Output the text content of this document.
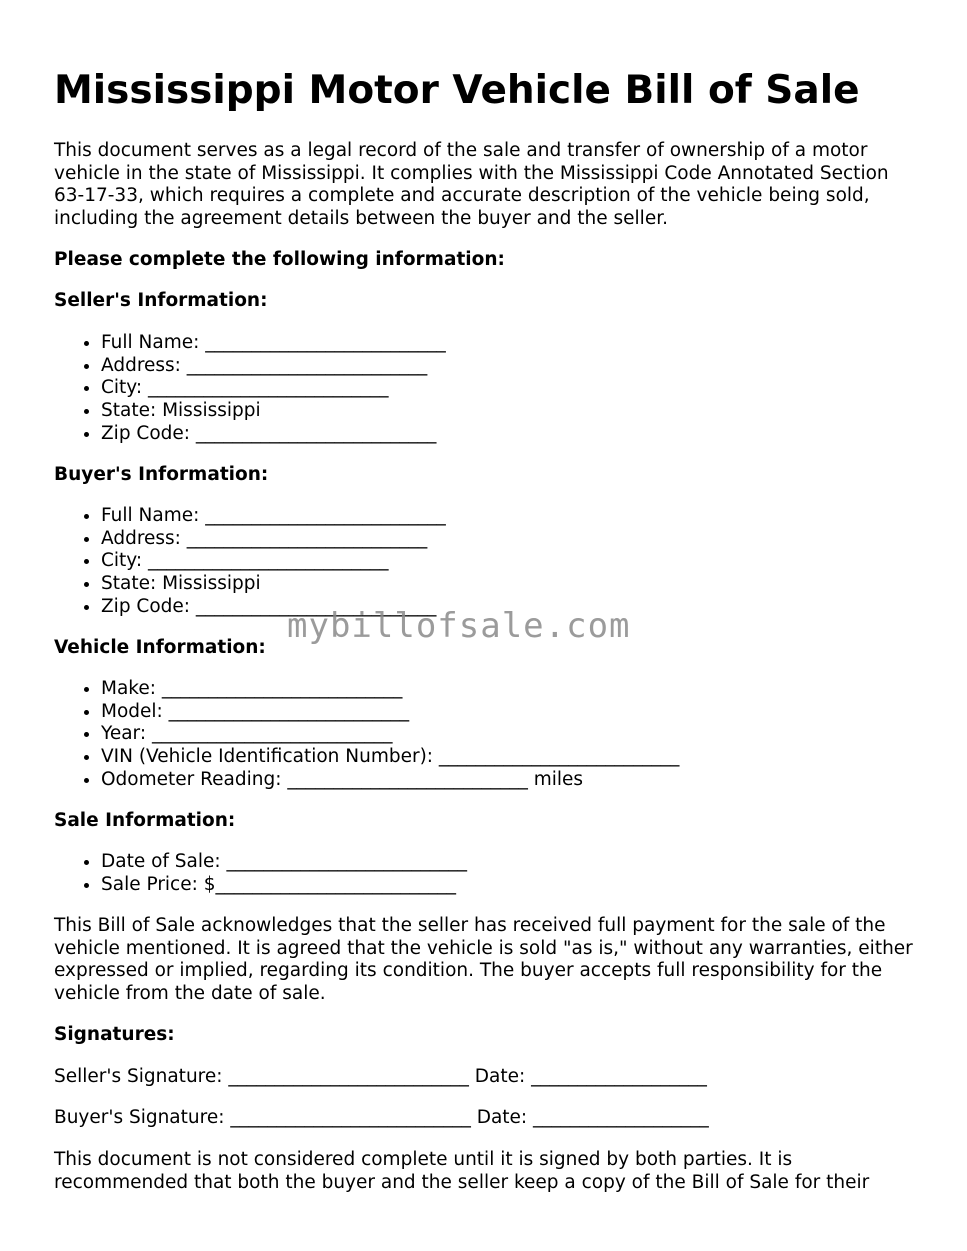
Mississippi Motor Vehicle Bill of Sale

This document serves as a legal record of the sale and transfer of ownership of a motor vehicle in the state of Mississippi. It complies with the Mississippi Code Annotated Section 63-17-33, which requires a complete and accurate description of the vehicle being sold, including the agreement details between the buyer and the seller.

Please complete the following information:

Seller's Information:

• Full Name: __________________________
• Address: __________________________
• City: __________________________
• State: Mississippi
• Zip Code: __________________________

Buyer's Information:

• Full Name: __________________________
• Address: __________________________
• City: __________________________
• State: Mississippi
• Zip Code: __________________________

Vehicle Information:

• Make: __________________________
• Model: __________________________
• Year: __________________________
• VIN (Vehicle Identification Number): __________________________
• Odometer Reading: __________________________ miles

Sale Information:

• Date of Sale: __________________________
• Sale Price: $__________________________

This Bill of Sale acknowledges that the seller has received full payment for the sale of the vehicle mentioned. It is agreed that the vehicle is sold "as is," without any warranties, either expressed or implied, regarding its condition. The buyer accepts full responsibility for the vehicle from the date of sale.

Signatures:

Seller's Signature: __________________________ Date: ___________________

Buyer's Signature: __________________________ Date: ___________________

This document is not considered complete until it is signed by both parties. It is recommended that both the buyer and the seller keep a copy of the Bill of Sale for their

mybillofsale.com
